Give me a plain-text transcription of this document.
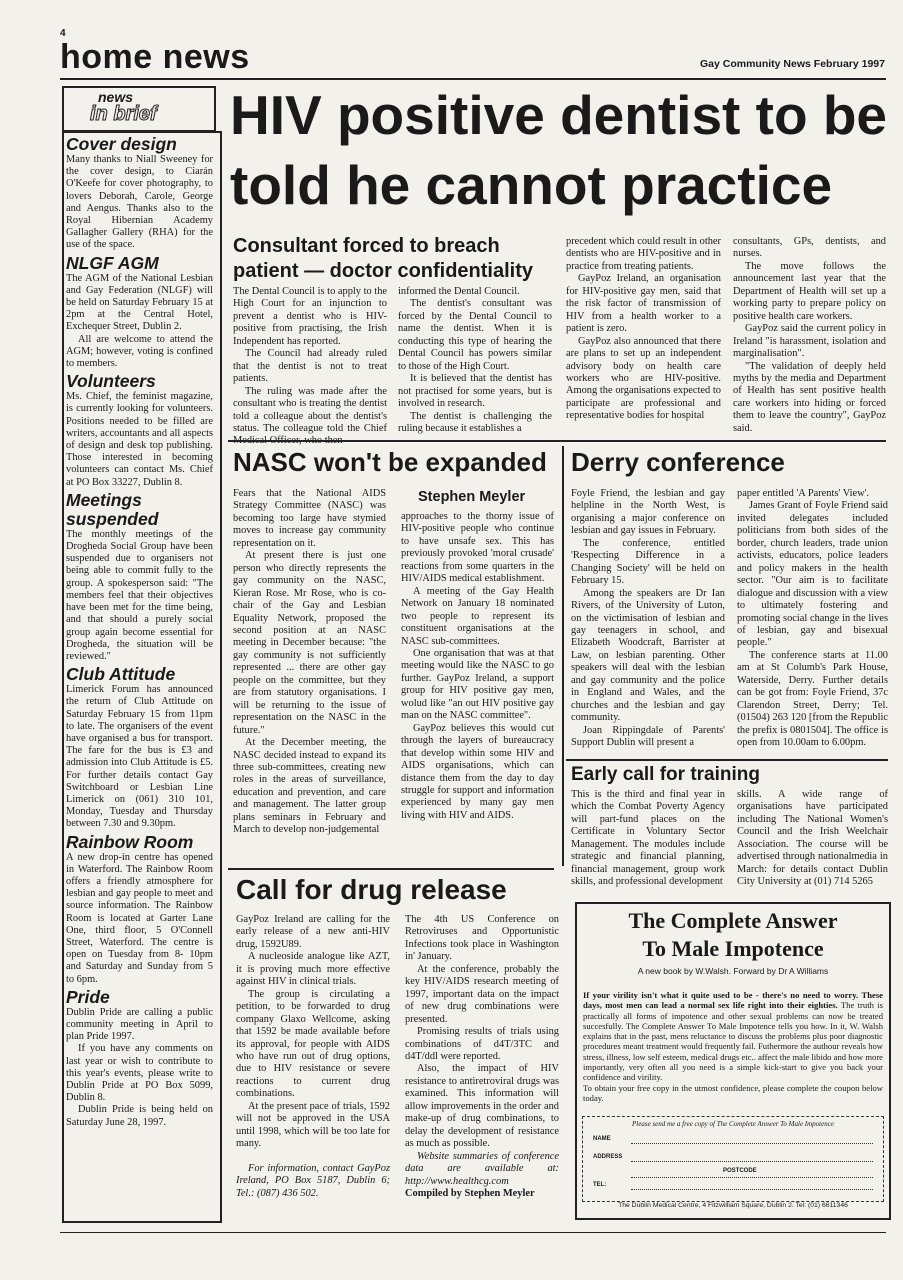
4
home news	Gay Community News February 1997
news
in brief
Cover design

Many thanks to Niall Sweeney for the cover design, to Ciarán O'Keefe for cover photography, to lovers Deborah, Carole, George and Aengus. Thanks also to the Royal Hibernian Academy Gallagher Gallery (RHA) for the use of the space.

NLGF AGM

The AGM of the National Lesbian and Gay Federation (NLGF) will be held on Saturday February 15 at 2pm at the Central Hotel, Exchequer Street, Dublin 2.

All are welcome to attend the AGM; however, voting is confined to members.

Volunteers

Ms. Chief, the feminist magazine, is currently looking for volunteers. Positions needed to be filled are writers, accountants and all aspects of design and desk top publishing. Those interested in becoming volunteers can contact Ms. Chief at PO Box 33227, Dublin 8.

Meetings suspended

The monthly meetings of the Drogheda Social Group have been suspended due to organisers not being able to commit fully to the group. A spokesperson said: "The members feel that their objectives have been met for the time being, and that should a purely social group again become essential for Drogheda, the situation will be reviewed."

Club Attitude

Limerick Forum has announced the return of Club Attitude on Saturday February 15 from 11pm to late. The organisers of the event have organised a bus for transport. The fare for the bus is £3 and admission into Club Attitude is £5. For further details contact Gay Switchboard or Lesbian Line Limerick on (061) 310 101, Monday, Tuesday and Thursday between 7.30 and 9.30pm.

Rainbow Room

A new drop-in centre has opened in Waterford. The Rainbow Room offers a friendly atmosphere for lesbian and gay people to meet and source information. The Rainbow Room is located at Garter Lane One, third floor, 5 O'Connell Street, Waterford. The centre is open on Tuesday from 8- 10pm and Saturday and Sunday from 5 to 6pm.

Pride

Dublin Pride are calling a public community meeting in April to plan Pride 1997.

If you have any comments on last year or wish to contribute to this year's events, please write to Dublin Pride at PO Box 5099, Dublin 8.

Dublin Pride is being held on Saturday June 28, 1997.

HIV positive dentist to be
told he cannot practice
Consultant forced to breach
patient — doctor confidentiality

The Dental Council is to apply to the High Court for an injunction to prevent a dentist who is HIV-positive from practising, the Irish Independent has reported.

The Council had already ruled that the dentist is not to treat patients.

The ruling was made after the consultant who is treating the dentist told a colleague about the dentist's status. The colleague told the Chief

informed the Dental Council.

The dentist's consultant was forced by the Dental Council to name the dentist. When it is conducting this type of hearing the Dental Council has powers similar to those of the High Court.

It is believed that the dentist has not practised for some years, but is involved in research.

The dentist is challenging the ruling because it establishes a

precedent which could result in other dentists who are HIV-positive and in practice from treating patients.

GayPoz Ireland, an organisation for HIV-positive gay men, said that the risk factor of transmission of HIV from a health worker to a patient is zero.

GayPoz also announced that there are plans to set up an independent advisory body on health care workers who are HIV-positive. Among the organisations expected to participate are professional and representative bodies for hospital

consultants, GPs, dentists, and nurses.

The move follows the announcement last year that the Department of Health will set up a working party to prepare policy on positive health care workers.

GayPoz said the current policy in Ireland "is harassment, isolation and marginalisation".

"The validation of deeply held myths by the media and Department of Health has sent positive health care workers into hiding or forced them to leave the country", GayPoz said.

NASC won't be expanded
Stephen Meyler

Fears that the National AIDS Strategy Committee (NASC) was becoming too large have stymied moves to increase gay community representation on it.

At present there is just one person who directly represents the gay community on the NASC, Kieran Rose. Mr Rose, who is co-chair of the Gay and Lesbian Equality Network, proposed the second position at an NASC meeting in December because: "the gay community is not sufficiently represented ... there are other gay people on the committee, but they are from statutory organisations. I will be returning to the issue of representation on the NASC in the future."

At the December meeting, the NASC decided instead to expand its three sub-committees, creating new roles in the areas of surveillance, education and prevention, and care and management. The latter group plans seminars in February and March to develop non-judgemental

approaches to the thorny issue of HIV-positive people who continue to have unsafe sex. This has previously provoked 'moral crusade' reactions from some quarters in the HIV/AIDS medical establishment.

A meeting of the Gay Health Network on January 18 nominated two people to represent its constituent organisations at the NASC sub-committees.

One organisation that was at that meeting would like the NASC to go further. GayPoz Ireland, a support group for HIV positive gay men, wolud like "an out HIV positive gay man on the NASC committee".

GayPoz believes this would cut through the layers of bureaucracy that develop within some HIV and AIDS organisations, which can distance them from the day to day struggle for support and information experienced by many gay men living with HIV and AIDS.

Derry conference

Foyle Friend, the lesbian and gay helpline in the North West, is organising a major conference on lesbian and gay issues in February.

The conference, entitled 'Respecting Difference in a Changing Society' will be held on February 15.

Among the speakers are Dr Ian Rivers, of the University of Luton, on the victimisation of lesbian and gay teenagers in school, and Elizabeth Woodcraft, Barrister at Law, on lesbian parenting. Other speakers will deal with the lesbian and gay community and the police in England and Wales, and the churches and the lesbian and gay community.

Joan Rippingdale of Parents' Support Dublin will present a

paper entitled 'A Parents' View'.

James Grant of Foyle Friend said invited delegates included politicians from both sides of the border, church leaders, trade union activists, educators, police leaders and policy makers in the health sector. "Our aim is to facilitate dialogue and discussion with a view to ultimately fostering and promoting social change in the lives of lesbian, gay and bisexual people."

The conference starts at 11.00 am at St Columb's Park House, Waterside, Derry. Further details can be got from: Foyle Friend, 37c Clarendon Street, Derry; Tel. (01504) 263 120 [from the Republic the prefix is 0801504]. The office is open from 10.00am to 6.00pm.

Early call for training

This is the third and final year in which the Combat Poverty Agency will part-fund places on the Certificate in Voluntary Sector Management. The modules include strategic and financial planning, financial management, group work skills, and professional development

skills. A wide range of organisations have participated including The National Women's Council and the Irish Weelchair Association. The course will be advertised through nationalmedia in March: for details contact Dublin City University at (01) 714 5265

Call for drug release

GayPoz Ireland are calling for the early release of a new anti-HIV drug, 1592U89.

A nucleoside analogue like AZT, it is proving much more effective against HIV in clinical trials.

The group is circulating a petition, to be forwarded to drug company Glaxo Wellcome, asking that 1592 be made available before its approval, for people with AIDS who have run out of drug options, due to HIV resistance or severe reactions to current drug combinations.

At the present pace of trials, 1592 will not be approved in the USA until 1998, which will be too late for many.

For information, contact GayPoz Ireland, PO Box 5187, Dublin 6; Tel.: (087) 436 502.

The 4th US Conference on Retroviruses and Opportunistic Infections took place in Washington in' January.

At the conference, probably the key HIV/AIDS research meeting of 1997, important data on the impact of new drug combinations were presented.

Promising results of trials using combinations of d4T/3TC and d4T/ddl were reported.

Also, the impact of HIV resistance to antiretroviral drugs was examined. This information will allow improvements in the order and make-up of drug combinations, to delay the development of resistance as much as possible.

Website summaries of conference data are available at: http://www.healthcg.com

Compiled by Stephen Meyler

The Complete Answer
To Male Impotence
A new book by W.Walsh. Forward by Dr A Williams
If your virility isn't what it quite used to be - there's no need to worry. These days, most men can lead a normal sex life right into their eighties. The truth is practically all forms of impotence and other sexual problems can now be treated succesfully. The Complete Answer To Male Impotence tells you how. In it, W. Walsh explains that in the past, mens reluctance to discuss the problems plus poor diagnostic procedures meant treatment would frequently fail. Futhermore the authour reveals how stress, illness, low self esteem, medical drugs etc.. affect the male libido and how more importantly, very often all you need is a simple kick-start to give you back your confidence and virility.
To obtain your free copy in the utmost confidence, please complete the coupon below today.
Please send me a free copy of The Complete Answer To Male Impotence
NAME
ADDRESS
POSTCODE
TEL:
The Dublin Medical Centre, 4 Fitzwilliam Square, Dublin 2. Tel: (01) 6611346
